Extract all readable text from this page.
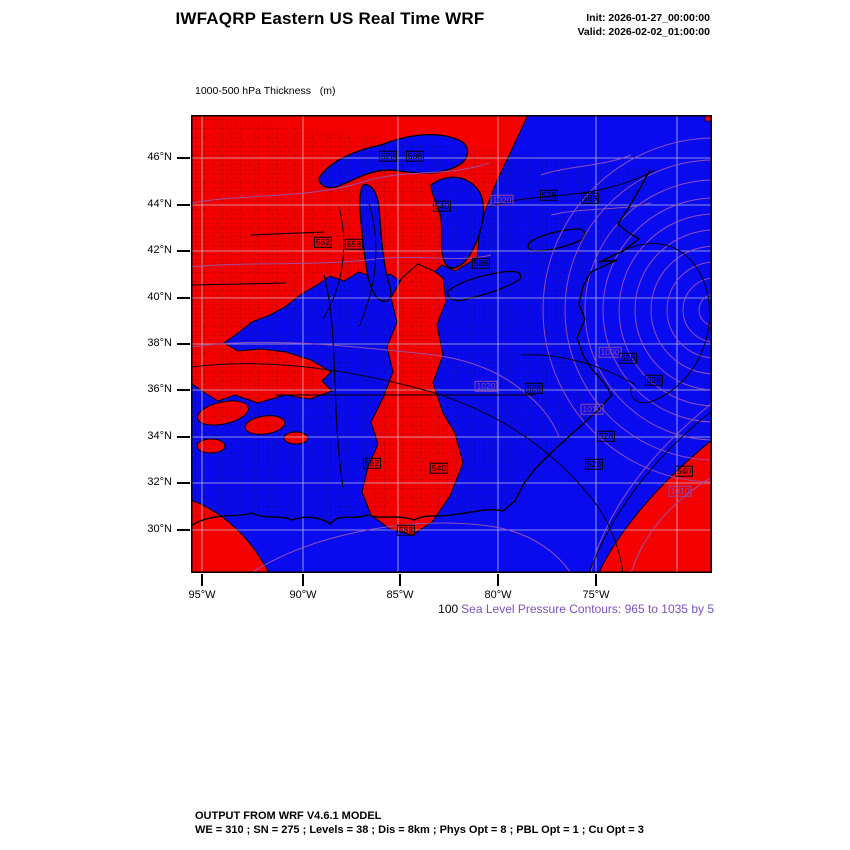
IWFAQRP Eastern US Real Time WRF	Init: 2026-01-27_00:00:00
Valid: 2026-02-02_01:00:00

1000-500 hPa Thickness   (m)

552 558
528 588
540
588
528	588
1020
1020
1000
528
528
528
1010
528
528
540
1010
588
552	540
46°N
44°N
42°N
40°N
38°N
36°N
34°N
32°N
30°N
95°W	90°W	85°W	80°W	75°W
100 Sea Level Pressure Contours: 965 to 1035 by 5
OUTPUT FROM WRF V4.6.1 MODEL
WE = 310 ; SN = 275 ; Levels = 38 ; Dis = 8km ; Phys Opt = 8 ; PBL Opt = 1 ; Cu Opt = 3
